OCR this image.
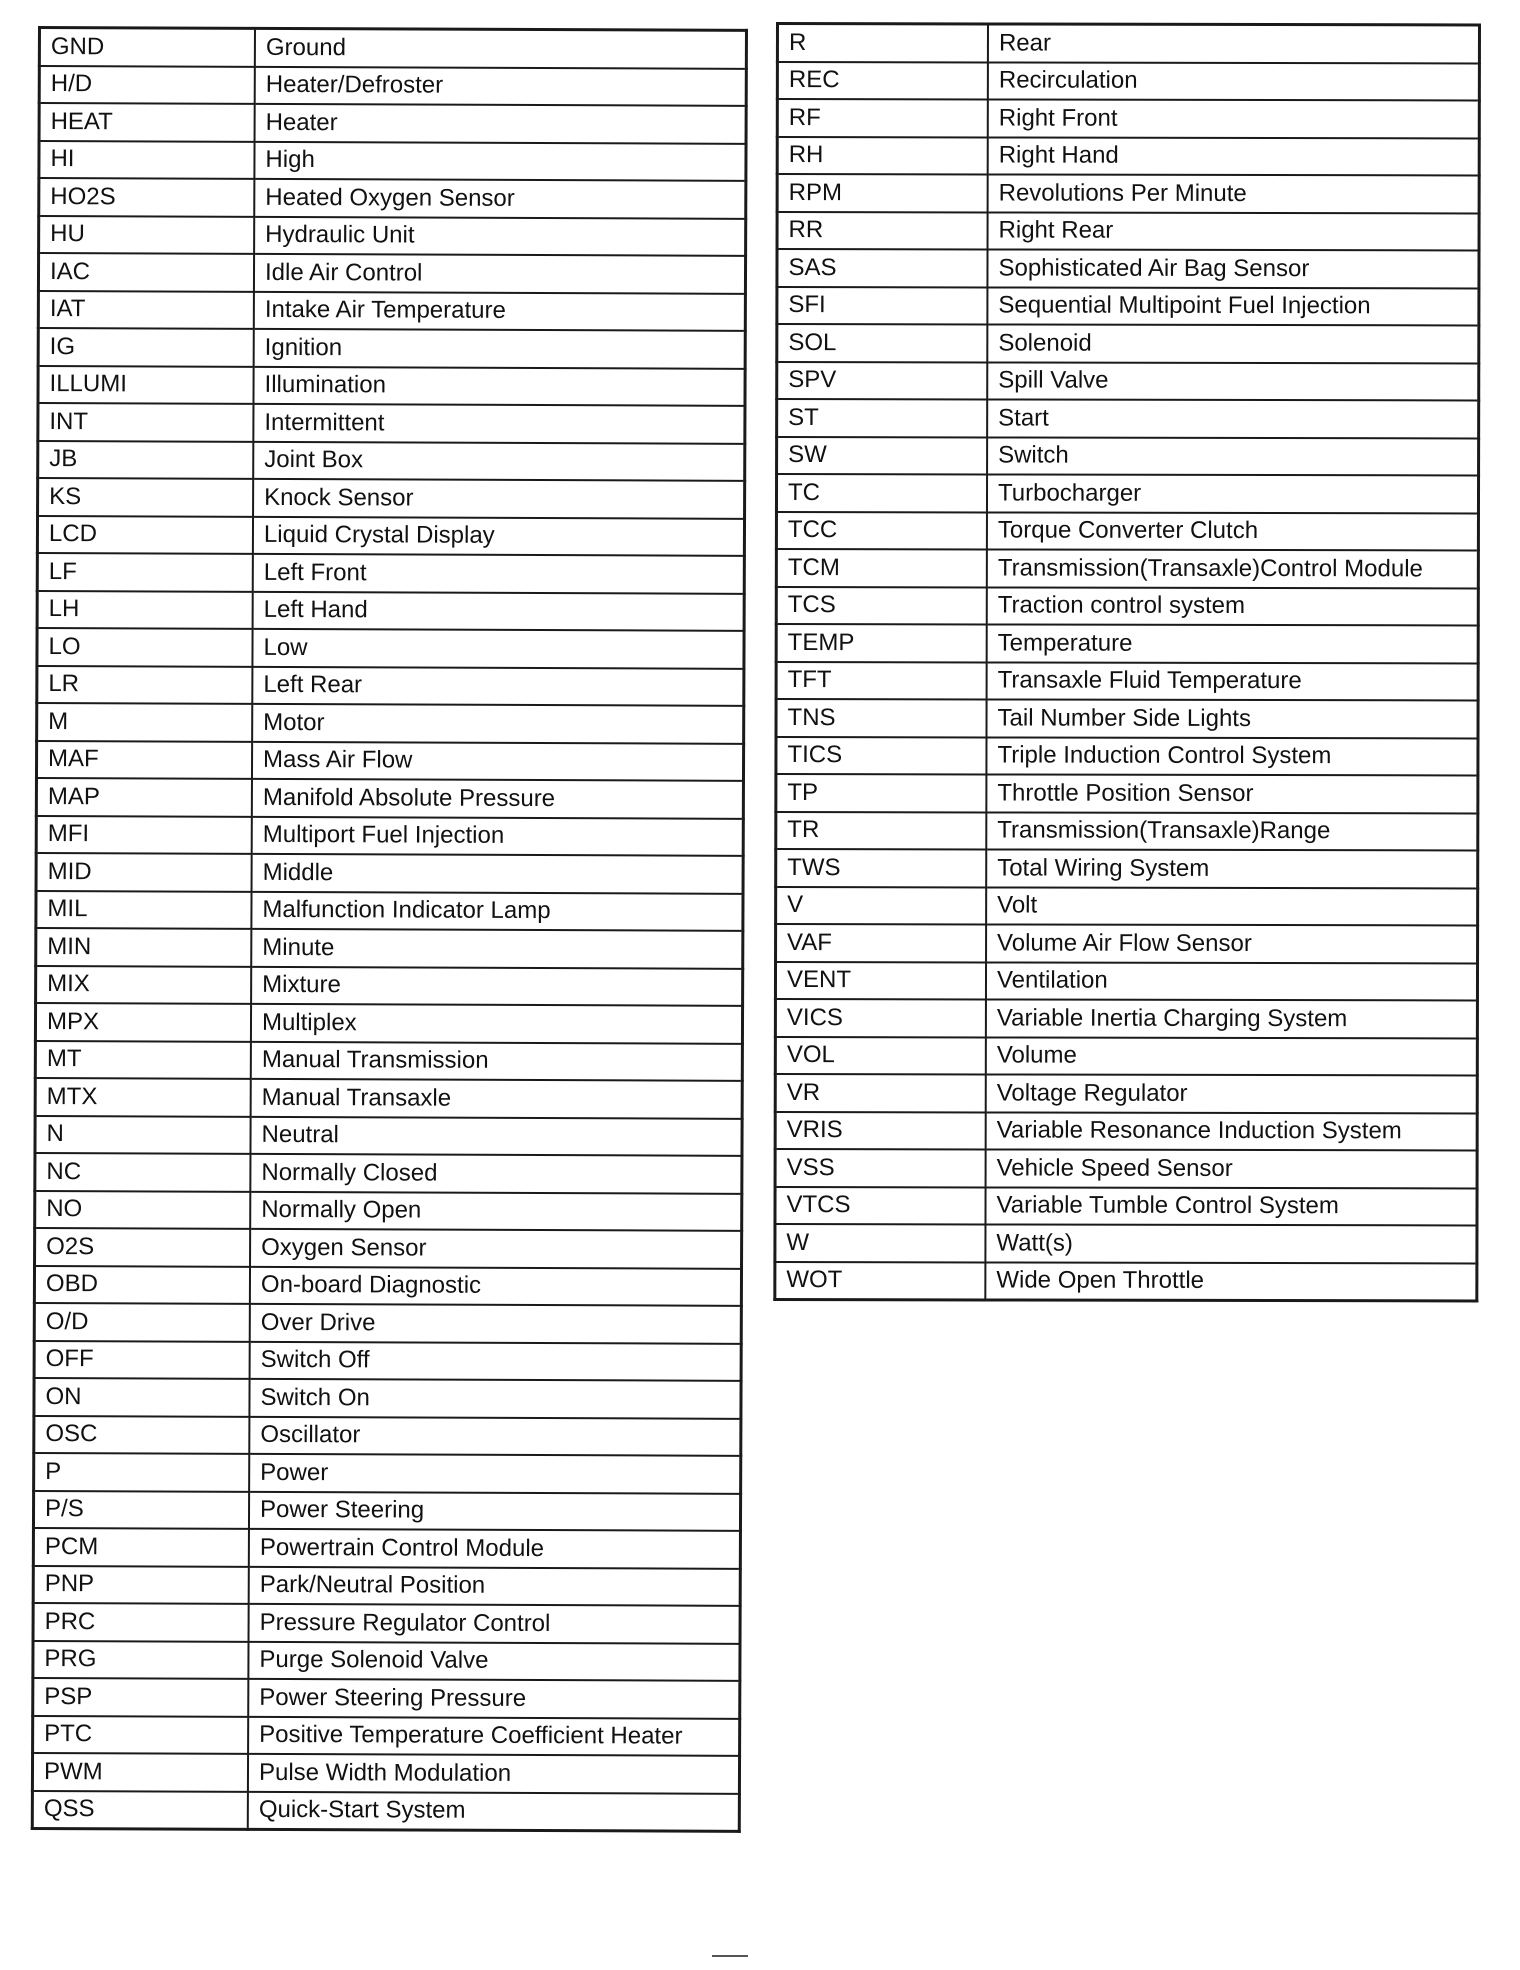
GND	Ground
H/D	Heater/Defroster
HEAT	Heater
HI	High
HO2S	Heated Oxygen Sensor
HU	Hydraulic Unit
IAC	Idle Air Control
IAT	Intake Air Temperature
IG	Ignition
ILLUMI	Illumination
INT	Intermittent
JB	Joint Box
KS	Knock Sensor
LCD	Liquid Crystal Display
LF	Left Front
LH	Left Hand
LO	Low
LR	Left Rear
M	Motor
MAF	Mass Air Flow
MAP	Manifold Absolute Pressure
MFI	Multiport Fuel Injection
MID	Middle
MIL	Malfunction Indicator Lamp
MIN	Minute
MIX	Mixture
MPX	Multiplex
MT	Manual Transmission
MTX	Manual Transaxle
N	Neutral
NC	Normally Closed
NO	Normally Open
O2S	Oxygen Sensor
OBD	On-board Diagnostic
O/D	Over Drive
OFF	Switch Off
ON	Switch On
OSC	Oscillator
P	Power
P/S	Power Steering
PCM	Powertrain Control Module
PNP	Park/Neutral Position
PRC	Pressure Regulator Control
PRG	Purge Solenoid Valve
PSP	Power Steering Pressure
PTC	Positive Temperature Coefficient Heater
PWM	Pulse Width Modulation
QSS	Quick-Start System
R	Rear
REC	Recirculation
RF	Right Front
RH	Right Hand
RPM	Revolutions Per Minute
RR	Right Rear
SAS	Sophisticated Air Bag Sensor
SFI	Sequential Multipoint Fuel Injection
SOL	Solenoid
SPV	Spill Valve
ST	Start
SW	Switch
TC	Turbocharger
TCC	Torque Converter Clutch
TCM	Transmission(Transaxle)Control Module
TCS	Traction control system
TEMP	Temperature
TFT	Transaxle Fluid Temperature
TNS	Tail Number Side Lights
TICS	Triple Induction Control System
TP	Throttle Position Sensor
TR	Transmission(Transaxle)Range
TWS	Total Wiring System
V	Volt
VAF	Volume Air Flow Sensor
VENT	Ventilation
VICS	Variable Inertia Charging System
VOL	Volume
VR	Voltage Regulator
VRIS	Variable Resonance Induction System
VSS	Vehicle Speed Sensor
VTCS	Variable Tumble Control System
W	Watt(s)
WOT	Wide Open Throttle
